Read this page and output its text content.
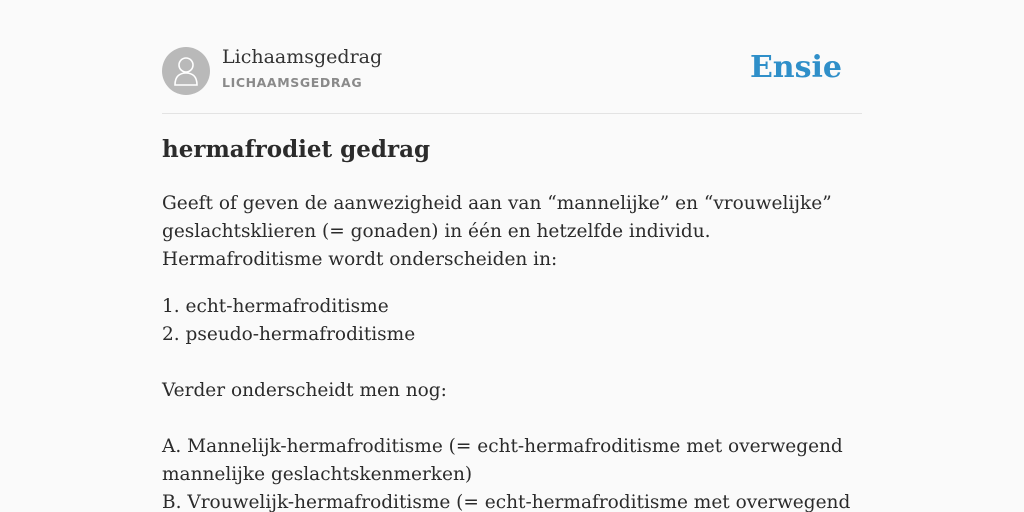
Lichaamsgedrag
LICHAAMSGEDRAG	Ensie
hermafrodiet gedrag

Geeft of geven de aanwezigheid aan van “mannelijke” en “vrouwelijke” geslachtsklieren (= gonaden) in één en hetzelfde individu. Hermafroditisme wordt onderscheiden in:

1. echt-hermafroditisme
2. pseudo-hermafroditisme

Verder onderscheidt men nog:

A. Mannelijk-hermafroditisme (= echt-hermafroditisme met overwegend mannelijke geslachtskenmerken)

B. Vrouwelijk-hermafroditisme (= echt-hermafroditisme met overwegend
